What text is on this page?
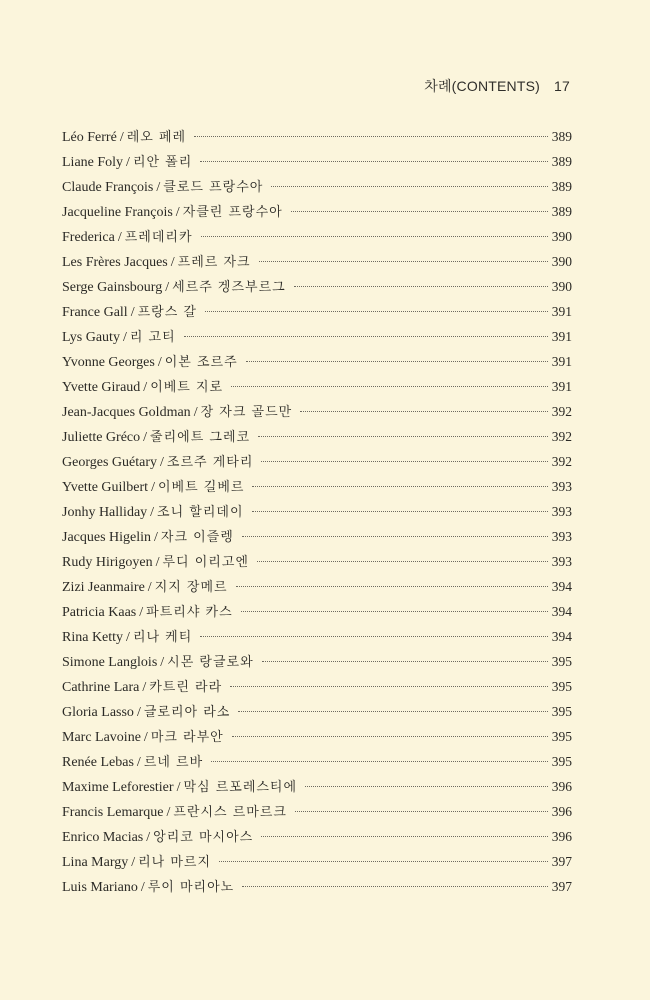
차례(CONTENTS) 17
Léo Ferré / 레오 페레	389
Liane Foly / 리안 폴리	389
Claude François / 클로드 프랑수아	389
Jacqueline François / 자클린 프랑수아	389
Frederica / 프레데리카	390
Les Frères Jacques / 프레르 자크	390
Serge Gainsbourg / 세르주 겡즈부르그	390
France Gall / 프랑스 갈	391
Lys Gauty / 리 고티	391
Yvonne Georges / 이본 조르주	391
Yvette Giraud / 이베트 지로	391
Jean-Jacques Goldman / 장 자크 골드만	392
Juliette Gréco / 줄리에트 그레코	392
Georges Guétary / 조르주 게타리	392
Yvette Guilbert / 이베트 길베르	393
Jonhy Halliday / 조니 할리데이	393
Jacques Higelin / 자크 이즐렝	393
Rudy Hirigoyen / 루디 이리고엔	393
Zizi Jeanmaire / 지지 장메르	394
Patricia Kaas / 파트리샤 카스	394
Rina Ketty / 리나 케티	394
Simone Langlois / 시몬 랑글로와	395
Cathrine Lara / 카트린 라라	395
Gloria Lasso / 글로리아 라소	395
Marc Lavoine / 마크 라부안	395
Renée Lebas / 르네 르바	395
Maxime Leforestier / 막심 르포레스티에	396
Francis Lemarque / 프란시스 르마르크	396
Enrico Macias / 앙리코 마시아스	396
Lina Margy / 리나 마르지	397
Luis Mariano / 루이 마리아노	397
